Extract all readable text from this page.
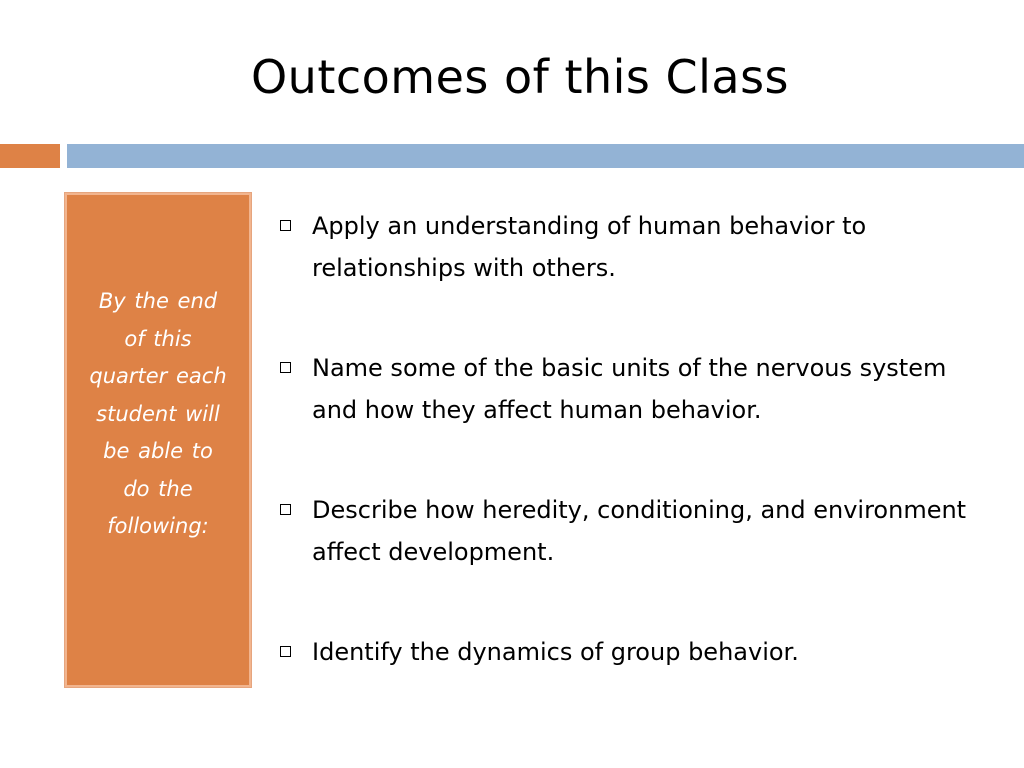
Outcomes of this Class
By the end of this quarter each student will be able to do the following:
Apply an understanding of human behavior to relationships with others.
Name some of the basic units of the nervous system and how they affect human behavior.
Describe how heredity, conditioning, and environment affect development.
Identify the dynamics of group behavior.
